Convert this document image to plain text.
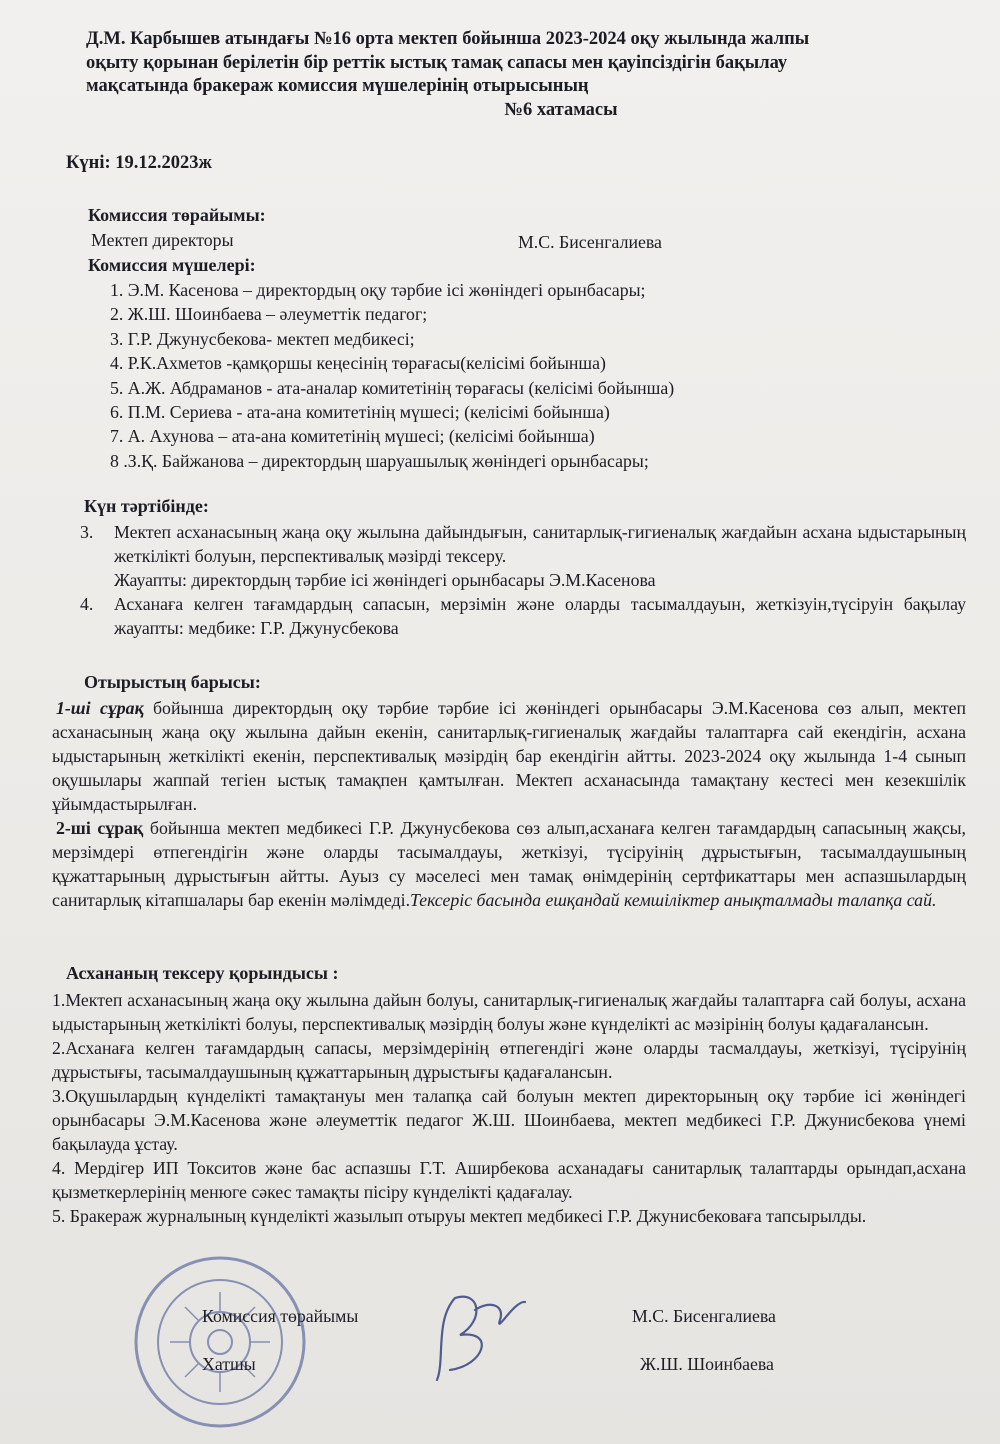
Д.М. Карбышев атындағы №16 орта мектеп бойынша 2023-2024 оқу жылында жалпы
оқыту қорынан берілетін бір реттік ыстық тамақ сапасы мен қауіпсіздігін бақылау
мақсатында бракераж комиссия мүшелерінің отырысының
№6 хатамасы
Күні: 19.12.2023ж
Комиссия төрайымы:
Мектеп директоры	М.С. Бисенгалиева
Комиссия мүшелері:
1. Э.М. Касенова – директордың оқу тәрбие ісі жөніндегі орынбасары;
2. Ж.Ш. Шоинбаева – әлеуметтік педагог;
3. Г.Р. Джунусбекова- мектеп медбикесі;
4. Р.К.Ахметов -қамқоршы кеңесінің төрағасы(келісімі бойынша)
5. А.Ж. Абдраманов - ата-аналар комитетінің төрағасы (келісімі бойынша)
6. П.М. Сериева - ата-ана комитетінің мүшесі; (келісімі бойынша)
7. А. Ахунова – ата-ана комитетінің мүшесі; (келісімі бойынша)
8 .З.Қ. Байжанова – директордың шаруашылық жөніндегі орынбасары;
Күн тәртібінде:
3.	Мектеп асханасының жаңа оқу жылына дайындығын, санитарлық-гигиеналық жағдайын асхана ыдыстарының жеткілікті болуын, перспективалық мәзірді тексеру.
Жауапты: директордың тәрбие ісі жөніндегі орынбасары Э.М.Касенова
4.	Асханаға келген тағамдардың сапасын, мерзімін және оларды тасымалдауын, жеткізуін,түсіруін бақылау жауапты: медбике: Г.Р. Джунусбекова
Отырыстың барысы:

1-ші сұрақ бойынша директордың оқу тәрбие тәрбие ісі жөніндегі орынбасары Э.М.Касенова сөз алып, мектеп асханасының жаңа оқу жылына дайын екенін, санитарлық-гигиеналық жағдайы талаптарға сай екендігін, асхана ыдыстарының жеткілікті екенін, перспективалық мәзірдің бар екендігін айтты. 2023-2024 оқу жылында 1-4 сынып оқушылары жаппай тегіен ыстық тамақпен қамтылған. Мектеп асханасында тамақтану кестесі мен кезекшілік ұйымдастырылған.

2-ші сұрақ бойынша мектеп медбикесі Г.Р. Джунусбекова сөз алып,асханаға келген тағамдардың сапасының жақсы, мерзімдері өтпегендігін және оларды тасымалдауы, жеткізуі, түсіруінің дұрыстығын, тасымалдаушының құжаттарының дұрыстығын айтты. Ауыз су мәселесі мен тамақ өнімдерінің сертфикаттары мен аспазшылардың санитарлық кітапшалары бар екенін мәлімдеді.Тексеріс басында ешқандай кемшіліктер анықталмады талапқа сай.

Асхананың тексеру қорынды​сы :

1.Мектеп асханасының жаңа оқу жылына дайын болуы, санитарлық-гигиеналық жағдайы талаптарға сай болуы, асхана ыдыстарының жеткілікті болуы, перспективалық мәзірдің болуы және күнделікті ас мәзірінің болуы қадағалансын.

2.Асханаға келген тағамдардың сапасы, мерзімдерінің өтпегендігі және оларды тасмалдауы, жеткізуі, түсіруінің дұрыстығы, тасымалдаушының құжаттарының дұрыстығы қадағалансын.

3.Оқушылардың күнделікті тамақтануы мен талапқа сай болуын мектеп директорының оқу тәрбие ісі жөніндегі орынбасары Э.М.Касенова және әлеуметтік педагог Ж.Ш. Шоинбаева, мектеп медбикесі Г.Р. Джунисбекова үнемі бақылауда ұстау.

4. Мердігер ИП Токситов және бас аспазшы Г.Т. Аширбекова асханадағы санитарлық талаптарды орындап,асхана қызметкерлерінің менюге сәкес тамақты пісіру күнделікті қадағалау.

5. Бракераж журналының күнделікті жазылып отыруы мектеп медбикесі Г.Р. Джунисбековаға тапсырылды.

Комиссия төрайымы	М.С. Бисенгалиева
Хатшы	Ж.Ш. Шоинбаева
